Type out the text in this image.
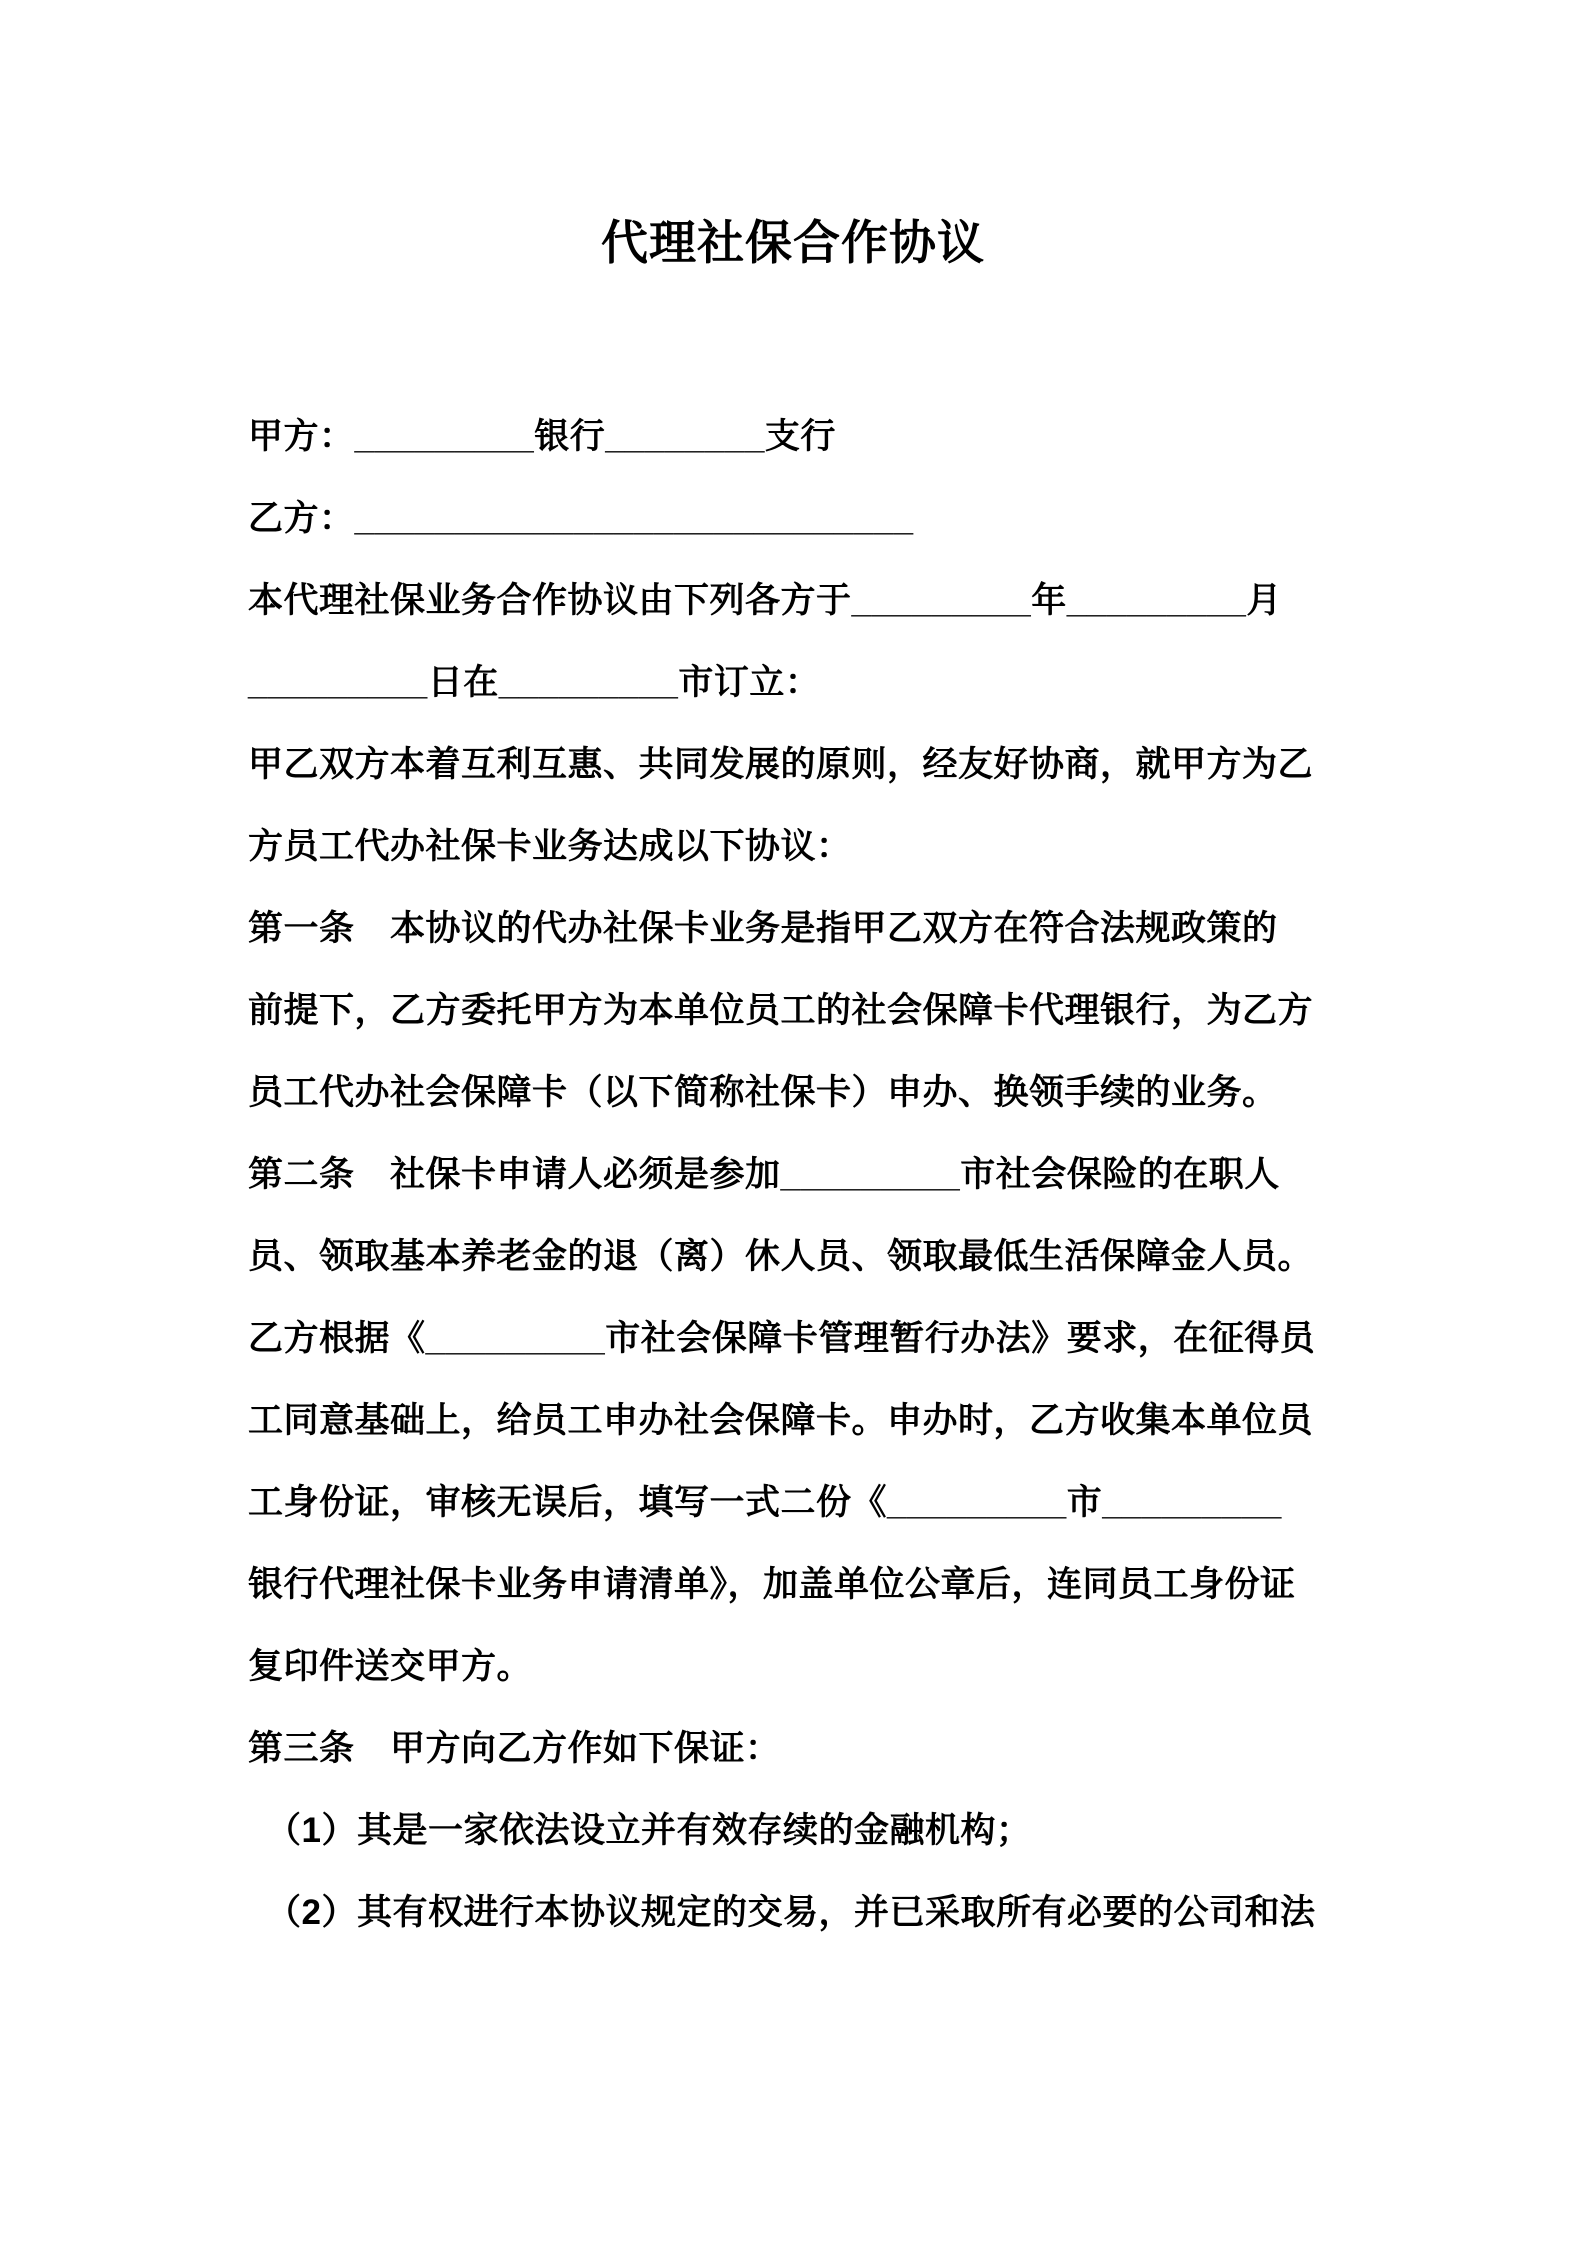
代理社保合作协议
甲方：_________银行________支行
乙方：____________________________
本代理社保业务合作协议由下列各方于_________年_________月
_________日在_________市订立：
甲乙双方本着互利互惠、共同发展的原则，经友好协商，就甲方为乙
方员工代办社保卡业务达成以下协议：
第一条　本协议的代办社保卡业务是指甲乙双方在符合法规政策的
前提下，乙方委托甲方为本单位员工的社会保障卡代理银行，为乙方
员工代办社会保障卡（以下简称社保卡）申办、换领手续的业务。
第二条　社保卡申请人必须是参加_________市社会保险的在职人
员、领取基本养老金的退（离）休人员、领取最低生活保障金人员。
乙方根据《_________市社会保障卡管理暂行办法》要求，在征得员
工同意基础上，给员工申办社会保障卡。申办时，乙方收集本单位员
工身份证，审核无误后，填写一式二份《_________市_________
银行代理社保卡业务申请清单》，加盖单位公章后，连同员工身份证
复印件送交甲方。
第三条　甲方向乙方作如下保证：
（1）其是一家依法设立并有效存续的金融机构；
（2）其有权进行本协议规定的交易，并已采取所有必要的公司和法
